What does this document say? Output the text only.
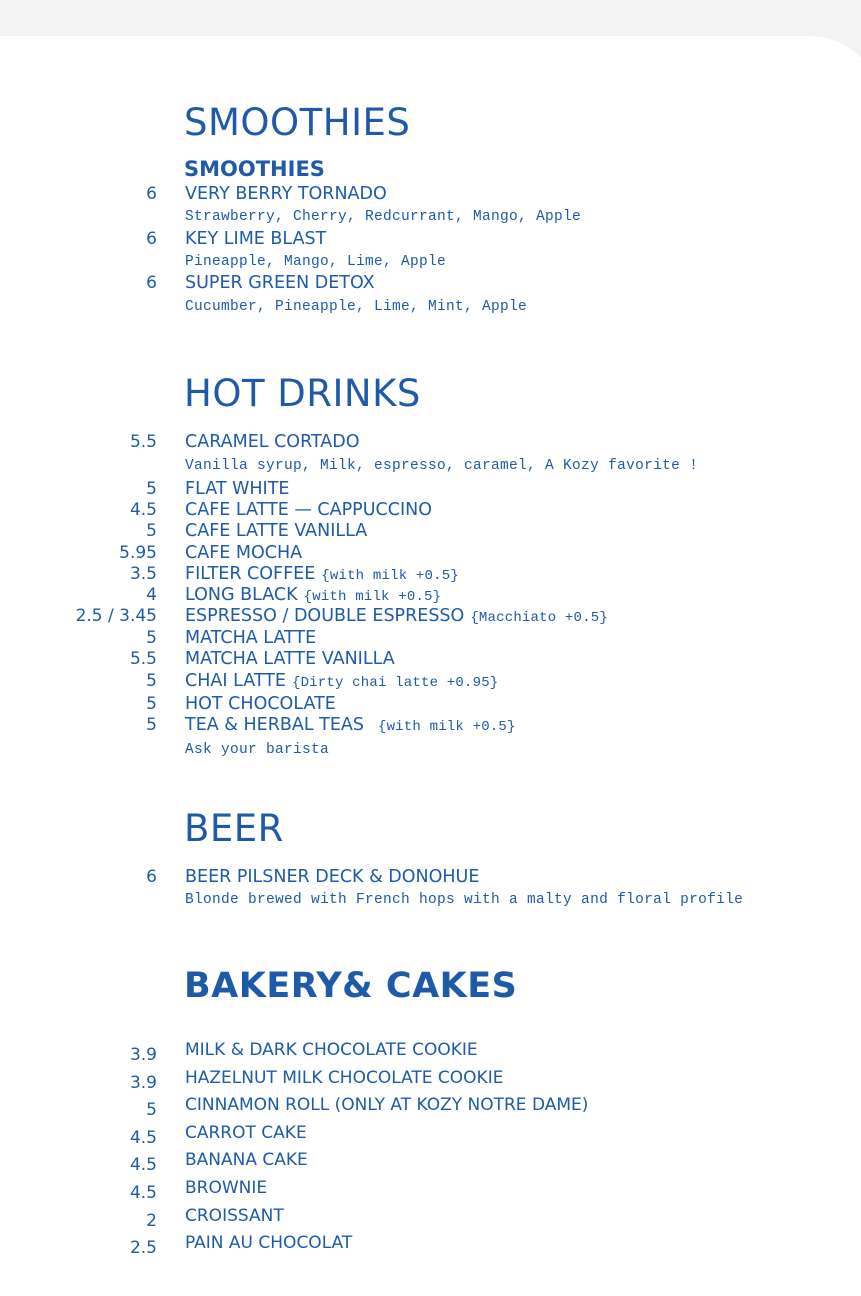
SMOOTHIES
SMOOTHIES
6 VERY BERRY TORNADO
Strawberry, Cherry, Redcurrant, Mango, Apple
6 KEY LIME BLAST
Pineapple, Mango, Lime, Apple
6 SUPER GREEN DETOX
Cucumber, Pineapple, Lime, Mint, Apple
HOT DRINKS
5.5 CARAMEL CORTADO
Vanilla syrup, Milk, espresso, caramel, A Kozy favorite !
5 FLAT WHITE
4.5 CAFE LATTE — CAPPUCCINO
5 CAFE LATTE VANILLA
5.95 CAFE MOCHA
3.5 FILTER COFFEE {with milk +0.5}
4 LONG BLACK {with milk +0.5}
2.5 / 3.45 ESPRESSO / DOUBLE ESPRESSO {Macchiato +0.5}
5 MATCHA LATTE
5.5 MATCHA LATTE VANILLA
5 CHAI LATTE {Dirty chai latte +0.95}
5 HOT CHOCOLATE
5 TEA & HERBAL TEAS {with milk +0.5}
Ask your barista
BEER
6 BEER PILSNER DECK & DONOHUE
Blonde brewed with French hops with a malty and floral profile
BAKERY& CAKES
3.9 MILK & DARK CHOCOLATE COOKIE
3.9 HAZELNUT MILK CHOCOLATE COOKIE
5 CINNAMON ROLL (ONLY AT KOZY NOTRE DAME)
4.5 CARROT CAKE
4.5 BANANA CAKE
4.5 BROWNIE
2 CROISSANT
2.5 PAIN AU CHOCOLAT
